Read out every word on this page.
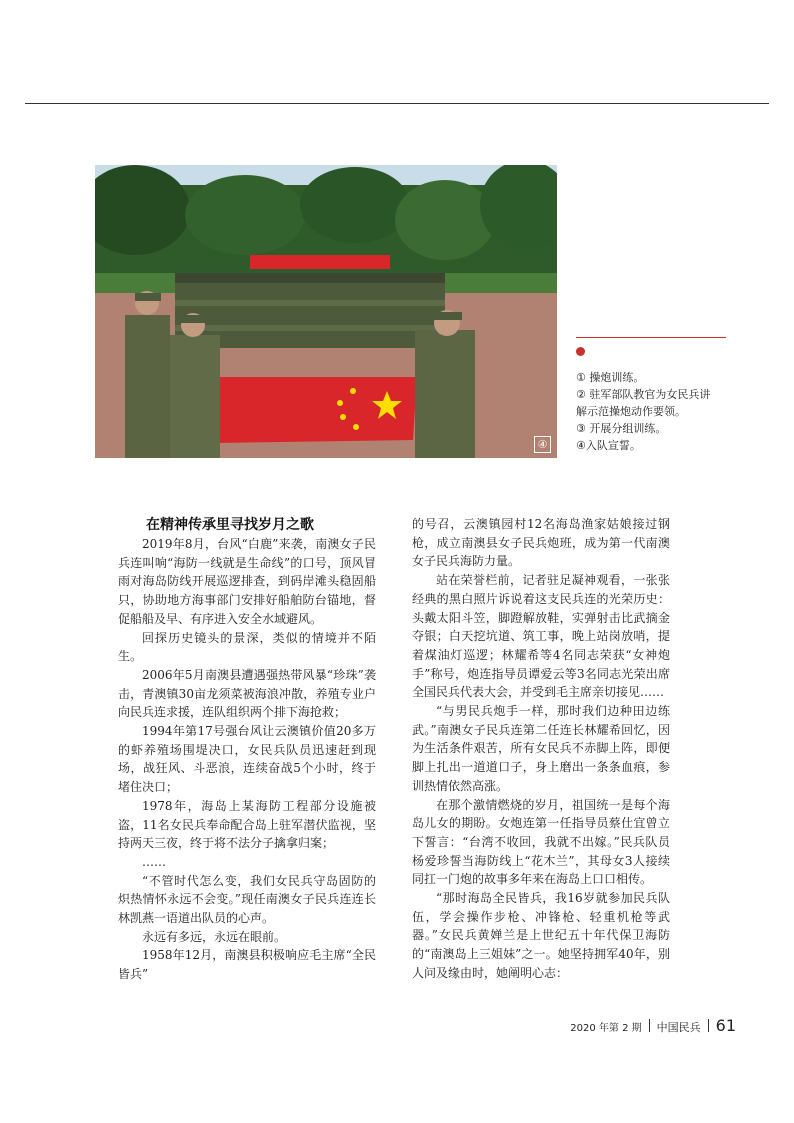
④

① 操炮训练。

② 驻军部队教官为女民兵讲

解示范操炮动作要领。

③ 开展分组训练。

④入队宣誓。

在精神传承里寻找岁月之歌

2019年8月，台风“白鹿”来袭，南澳女子民兵连叫响“海防一线就是生命线”的口号，顶风冒雨对海岛防线开展巡逻排查，到码岸滩头稳固船只，协助地方海事部门安排好船舶防台锚地，督促船船及早、有序进入安全水域避风。

回探历史镜头的景深，类似的情境并不陌生。

2006年5月南澳县遭遇强热带风暴“珍珠”袭击，青澳镇30亩龙须菜被海浪冲散，养殖专业户向民兵连求援，连队组织两个排下海抢救；

1994年第17号强台风让云澳镇价值20多万的虾养殖场围堤决口，女民兵队员迅速赶到现场，战狂风、斗恶浪，连续奋战5个小时，终于堵住决口；

1978年，海岛上某海防工程部分设施被盗，11名女民兵奉命配合岛上驻军潜伏监视，坚持两天三夜，终于将不法分子擒拿归案；

……

“不管时代怎么变，我们女民兵守岛固防的炽热情怀永远不会变。”现任南澳女子民兵连连长林凯燕一语道出队员的心声。

永远有多远，永远在眼前。

1958年12月，南澳县积极响应毛主席“全民皆兵”

的号召，云澳镇园村12名海岛渔家姑娘接过钢枪，成立南澳县女子民兵炮班，成为第一代南澳女子民兵海防力量。

站在荣誉栏前，记者驻足凝神观看，一张张经典的黑白照片诉说着这支民兵连的光荣历史：头戴太阳斗笠，脚蹬解放鞋，实弹射击比武摘金夺银；白天挖坑道、筑工事，晚上站岗放哨，提着煤油灯巡逻；林耀希等4名同志荣获“女神炮手”称号，炮连指导员谭爱云等3名同志光荣出席全国民兵代表大会，并受到毛主席亲切接见……

“与男民兵炮手一样，那时我们边种田边练武。”南澳女子民兵连第二任连长林耀希回忆，因为生活条件艰苦，所有女民兵不赤脚上阵，即便脚上扎出一道道口子，身上磨出一条条血痕，参训热情依然高涨。

在那个激情燃烧的岁月，祖国统一是每个海岛儿女的期盼。女炮连第一任指导员蔡仕宜曾立下誓言：“台湾不收回，我就不出嫁。”民兵队员杨爱珍誓当海防线上“花木兰”，其母女3人接续同扛一门炮的故事多年来在海岛上口口相传。

“那时海岛全民皆兵，我16岁就参加民兵队伍，学会操作步枪、冲锋枪、轻重机枪等武器。”女民兵黄婵兰是上世纪五十年代保卫海防的“南澳岛上三姐妹”之一。她坚持拥军40年，别人问及缘由时，她阐明心志：

2020 年第 2 期 中国民兵 61
